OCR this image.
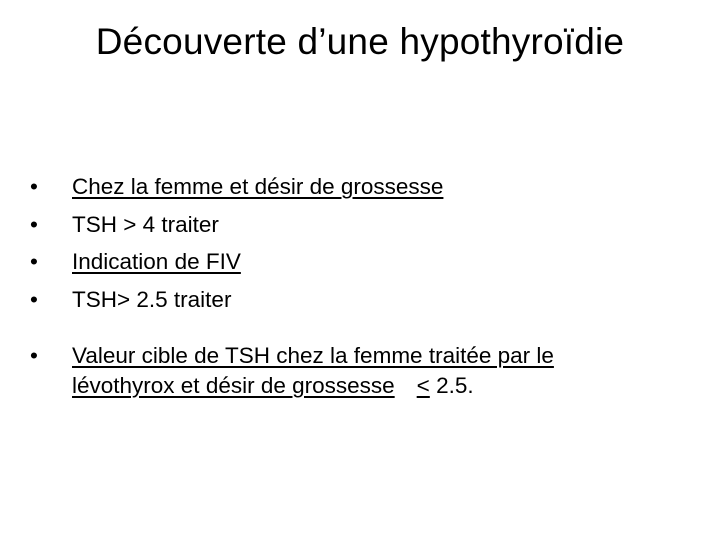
Découverte d’une hypothyroïdie
•	Chez la femme et désir de grossesse
•	TSH > 4 traiter
•	Indication de FIV
•	TSH> 2.5 traiter
•	Valeur cible de TSH chez la femme traitée par le
lévothyrox et désir de grossesse < 2.5.
